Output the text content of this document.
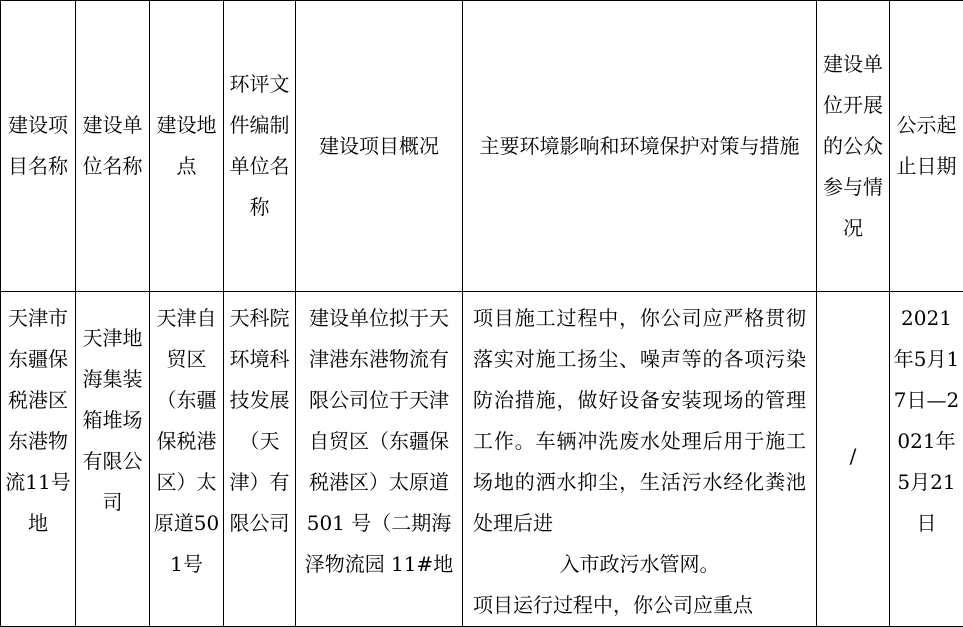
建设项目名称	建设单位名称	建设地点	环评文件编制单位名称	建设项目概况	主要环境影响和环境保护对策与措施	建设单位开展的公众参与情况	公示起止日期
天津市东疆保税港区东港物流11号地	天津地海集装箱堆场有限公司	天津自贸区（东疆保税港区）太原道501号	天科院环境科技发展（天津）有限公司	建设单位拟于天津港东港物流有限公司位于天津自贸区（东疆保税港区）太原道 501 号（二期海泽物流园 11#地	项目施工过程中，你公司应严格贯彻落实对施工扬尘、噪声等的各项污染防治措施，做好设备安装现场的管理工作。车辆冲洗废水处理后用于施工场地的洒水抑尘，生活污水经化粪池处理后进
入市政污水管网。
项目运行过程中，你公司应重点	/	2021年5月17日—2021年5月21日
